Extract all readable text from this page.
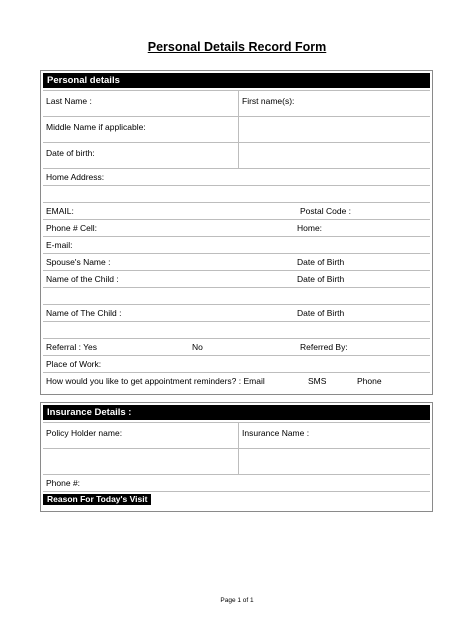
Personal Details Record Form
Personal details
Last Name :	First name(s):
Middle Name if applicable:
Date of birth:
Home Address:
EMAIL:	Postal Code :
Phone # Cell:	Home:
E-mail:
Spouse's Name :	Date of Birth
Name of the Child :	Date of Birth
Name of The Child :	Date of Birth
Referral : Yes	No	Referred By:
Place of Work:
How would you like to get appointment reminders? : Email	SMS	Phone
Insurance Details :
Policy Holder name:	Insurance Name :
Phone #:
Reason For Today's Visit
Page 1 of 1
